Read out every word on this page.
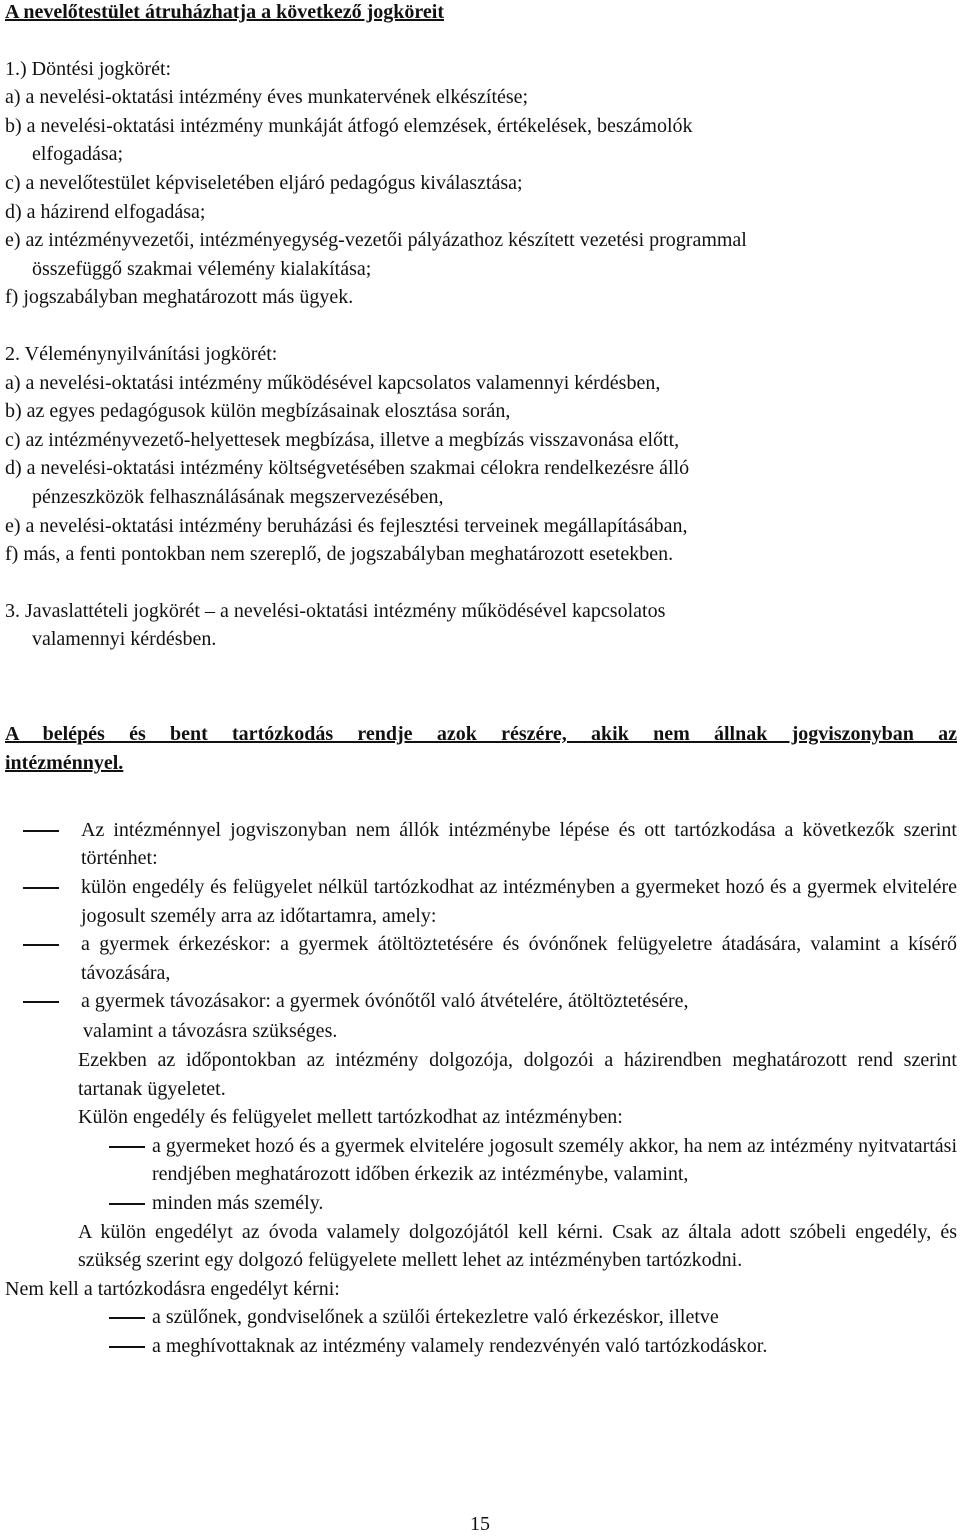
A nevelőtestület átruházhatja a következő jogköreit
1.) Döntési jogkörét:
a) a nevelési-oktatási intézmény éves munkatervének elkészítése;
b) a nevelési-oktatási intézmény munkáját átfogó elemzések, értékelések, beszámolók
elfogadása;
c) a nevelőtestület képviseletében eljáró pedagógus kiválasztása;
d) a házirend elfogadása;
e) az intézményvezetői, intézményegység-vezetői pályázathoz készített vezetési programmal
összefüggő szakmai vélemény kialakítása;
f) jogszabályban meghatározott más ügyek.
2. Véleménynyilvánítási jogkörét:
a) a nevelési-oktatási intézmény működésével kapcsolatos valamennyi kérdésben,
b) az egyes pedagógusok külön megbízásainak elosztása során,
c) az intézményvezető-helyettesek megbízása, illetve a megbízás visszavonása előtt,
d) a nevelési-oktatási intézmény költségvetésében szakmai célokra rendelkezésre álló
pénzeszközök felhasználásának megszervezésében,
e) a nevelési-oktatási intézmény beruházási és fejlesztési terveinek megállapításában,
f) más, a fenti pontokban nem szereplő, de jogszabályban meghatározott esetekben.
3. Javaslattételi jogkörét – a nevelési-oktatási intézmény működésével kapcsolatos
valamennyi kérdésben.
A belépés és bent tartózkodás rendje azok részére, akik nem állnak jogviszonyban az
intézménnyel.
Az intézménnyel jogviszonyban nem állók intézménybe lépése és ott tartózkodása a következők szerint történhet:
külön engedély és felügyelet nélkül tartózkodhat az intézményben a gyermeket hozó és a gyermek elvitelére jogosult személy arra az időtartamra, amely:
a gyermek érkezéskor: a gyermek átöltöztetésére és óvónőnek felügyeletre átadására, valamint a kísérő távozására,
a gyermek távozásakor: a gyermek óvónőtől való átvételére, átöltöztetésére,
valamint a távozásra szükséges.
Ezekben az időpontokban az intézmény dolgozója, dolgozói a házirendben meghatározott rend szerint tartanak ügyeletet.
Külön engedély és felügyelet mellett tartózkodhat az intézményben:
a gyermeket hozó és a gyermek elvitelére jogosult személy akkor, ha nem az intézmény nyitvatartási rendjében meghatározott időben érkezik az intézménybe, valamint,
minden más személy.
A külön engedélyt az óvoda valamely dolgozójától kell kérni. Csak az általa adott szóbeli engedély, és szükség szerint egy dolgozó felügyelete mellett lehet az intézményben tartózkodni.
Nem kell a tartózkodásra engedélyt kérni:
a szülőnek, gondviselőnek a szülői értekezletre való érkezéskor, illetve
a meghívottaknak az intézmény valamely rendezvényén való tartózkodáskor.
15
